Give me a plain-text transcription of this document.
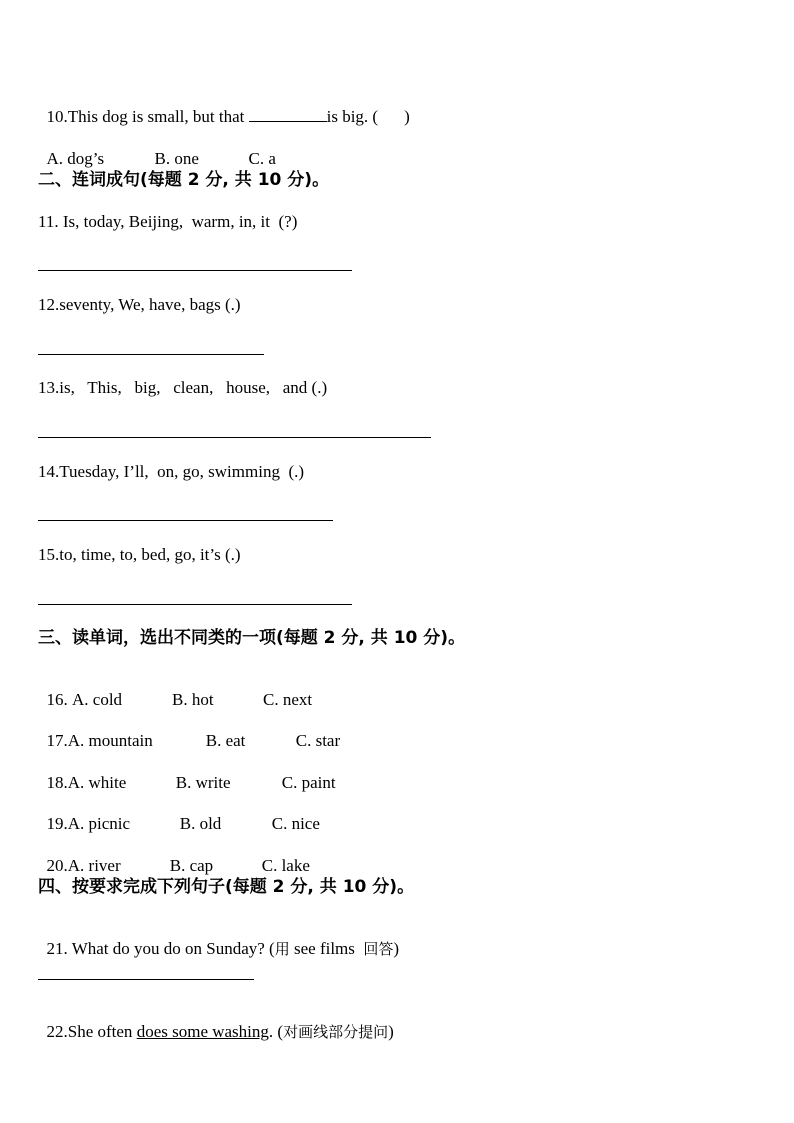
10.This dog is small, but that	is big. ( )

A. dog’s	B. one	C. a

二、连词成句(每题 2 分, 共 10 分)。
11. Is, today, Beijing,  warm, in, it  (?)
12.seventy, We, have, bags (.)
13.is,   This,   big,   clean,   house,   and (.)
14.Tuesday, I’ll,  on, go, swimming  (.)
15.to, time, to, bed, go, it’s (.)
三、读单词，选出不同类的一项(每题 2 分, 共 10 分)。

16. A. cold	B. hot	C. next

17.A. mountain	B. eat	C. star

18.A. white	B. write	C. paint

19.A. picnic	B. old	C. nice

20.A. river	B. cap	C. lake

四、按要求完成下列句子(每题 2 分, 共 10 分)。

21. What do you do on Sunday? (用 see films  回答)

22.She often does some washing. (对画线部分提问)
